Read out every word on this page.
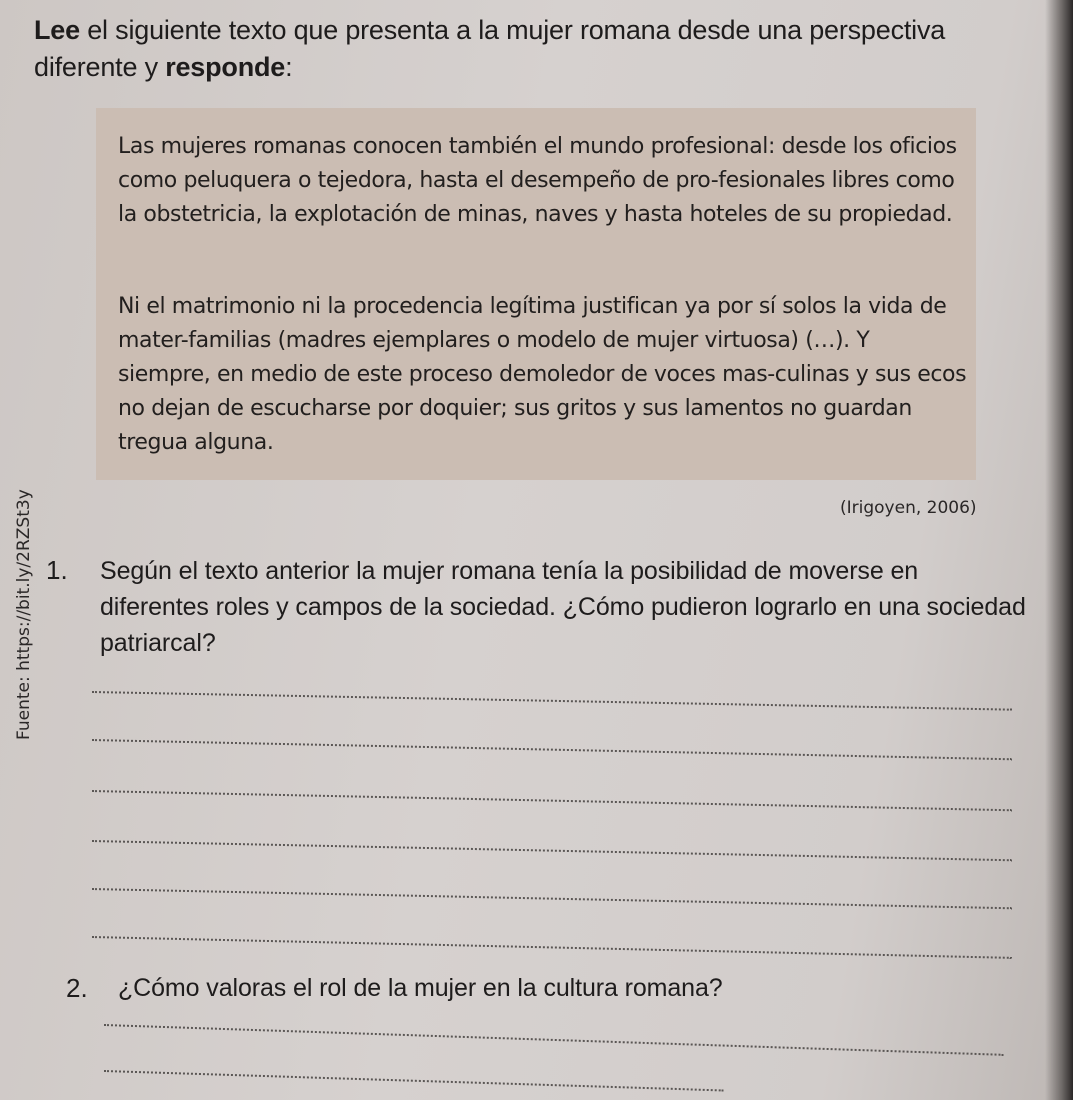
Lee el siguiente texto que presenta a la mujer romana desde una perspectiva diferente y responde:
Las mujeres romanas conocen también el mundo profesional: desde los oficios como peluquera o tejedora, hasta el desempeño de pro-fesionales libres como la obstetricia, la explotación de minas, naves y hasta hoteles de su propiedad.
Ni el matrimonio ni la procedencia legítima justifican ya por sí solos la vida de mater-familias (madres ejemplares o modelo de mujer virtuosa) (…). Y siempre, en medio de este proceso demoledor de voces mas-culinas y sus ecos no dejan de escucharse por doquier; sus gritos y sus lamentos no guardan tregua alguna.
(Irigoyen, 2006)
Fuente: https://bit.ly/2RZSt3y 1. Según el texto anterior la mujer romana tenía la posibilidad de moverse en diferentes roles y campos de la sociedad. ¿Cómo pudieron lograrlo en una sociedad patriarcal?
2. ¿Cómo valoras el rol de la mujer en la cultura romana?
